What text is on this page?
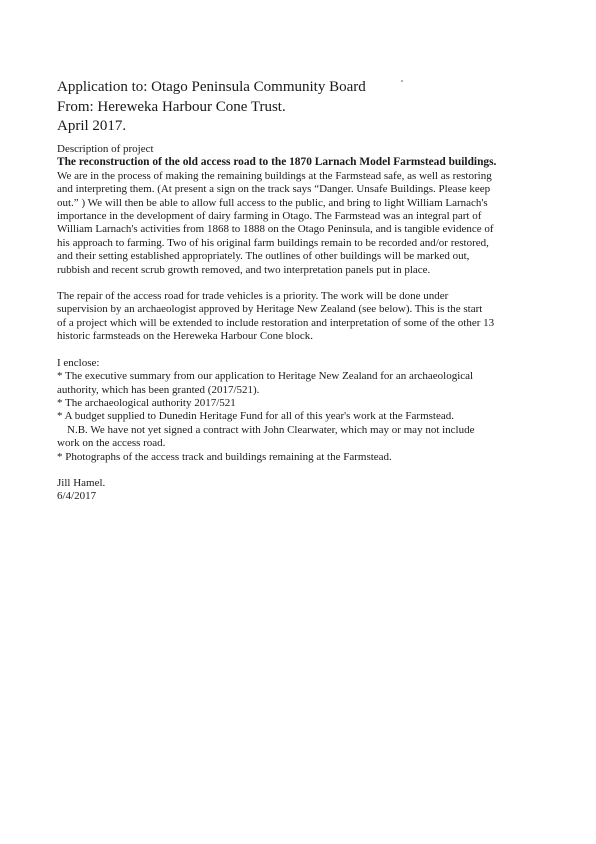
Application to: Otago Peninsula Community Board
From: Hereweka Harbour Cone Trust.
April 2017.
Description of project
The reconstruction of the old access road to the 1870 Larnach Model Farmstead buildings.
We are in the process of making the remaining buildings at the Farmstead safe, as well as restoring
and interpreting them. (At present a sign on the track says “Danger. Unsafe Buildings. Please keep
out.” ) We will then be able to allow full access to the public, and bring to light William Larnach's
importance in the development of dairy farming in Otago. The Farmstead was an integral part of
William Larnach's activities from 1868 to 1888 on the Otago Peninsula, and is tangible evidence of
his approach to farming. Two of his original farm buildings remain to be recorded and/or restored,
and their setting established appropriately. The outlines of other buildings will be marked out,
rubbish and recent scrub growth removed, and two interpretation panels put in place.
The repair of the access road for trade vehicles is a priority. The work will be done under
supervision by an archaeologist approved by Heritage New Zealand (see below). This is the start
of a project which will be extended to include restoration and interpretation of some of the other 13
historic farmsteads on the Hereweka Harbour Cone block.
I enclose:
* The executive summary from our application to Heritage New Zealand for an archaeological
authority, which has been granted (2017/521).
* The archaeological authority 2017/521
* A budget supplied to Dunedin Heritage Fund for all of this year's work at the Farmstead.
N.B. We have not yet signed a contract with John Clearwater, which may or may not include
work on the access road.
* Photographs of the access track and buildings remaining at the Farmstead.
Jill Hamel.
6/4/2017
